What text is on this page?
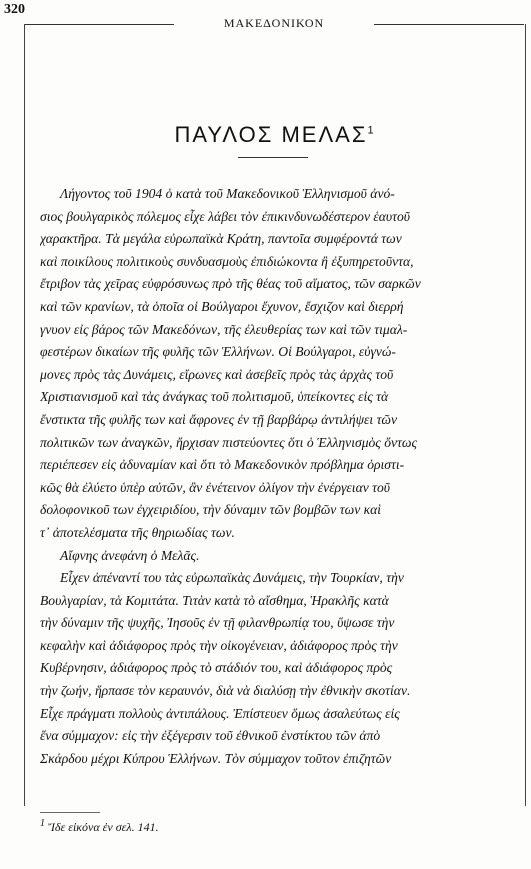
320
ΜΑΚΕΔΟΝΙΚΟΝ
ΠΑΥΛΟΣ ΜΕΛΑΣ$^1$
Λήγοντος τοῦ 1904 ὁ κατὰ τοῦ Μακεδονικοῦ Ἑλληνισμοῦ ἀνό-
σιος βουλγαρικὸς πόλεμος εἶχε λάβει τὸν ἐπικινδυνωδέστερον ἑαυτοῦ
χαρακτῆρα. Τὰ μεγάλα εὐρωπαϊκὰ Κράτη, παντοῖα συμφέροντά των
καὶ ποικίλους πολιτικοὺς συνδυασμοὺς ἐπιδιώκοντα ἢ ἐξυπηρετοῦντα,
ἔτριβον τὰς χεῖρας εὐφρόσυνως πρὸ τῆς θέας τοῦ αἵματος, τῶν σαρκῶν
καὶ τῶν κρανίων, τὰ ὁποῖα οἱ Βούλγαροι ἔχυνον, ἔσχιζον καὶ διερρή
γνυον εἰς βάρος τῶν Μακεδόνων, τῆς ἐλευθερίας των καὶ τῶν τιμαλ-
φεστέρων δικαίων τῆς φυλῆς τῶν Ἑλλήνων. Οἱ Βούλγαροι, εὐγνώ-
μονες πρὸς τὰς Δυνάμεις, εἴρωνες καὶ ἀσεβεῖς πρὸς τὰς ἀρχὰς τοῦ
Χριστιανισμοῦ καὶ τὰς ἀνάγκας τοῦ πολιτισμοῦ, ὑπείκοντες εἰς τὰ
ἔνστικτα τῆς φυλῆς των καὶ ἄφρονες ἐν τῇ βαρβάρῳ ἀντιλήψει τῶν
πολιτικῶν των ἀναγκῶν, ἤρχισαν πιστεύοντες ὅτι ὁ Ἑλληνισμὸς ὄντως
περιέπεσεν εἰς ἀδυναμίαν καὶ ὅτι τὸ Μακεδονικὸν πρόβλημα ὁριστι-
κῶς θὰ ἐλύετο ὑπὲρ αὐτῶν, ἂν ἐνέτεινον ὀλίγον τὴν ἐνέργειαν τοῦ
δολοφονικοῦ των ἐγχειριδίου, τὴν δύναμιν τῶν βομβῶν των καὶ
τ᾽ ἀποτελέσματα τῆς θηριωδίας των.
Αἴφνης ἀνεφάνη ὁ Μελᾶς.
Εἶχεν ἀπέναντί του τὰς εὐρωπαϊκὰς Δυνάμεις, τὴν Τουρκίαν, τὴν
Βουλγαρίαν, τὰ Κομιτάτα. Τιτὰν κατὰ τὸ αἴσθημα, Ἡρακλῆς κατὰ
τὴν δύναμιν τῆς ψυχῆς, Ἰησοῦς ἐν τῇ φιλανθρωπίᾳ του, ὕψωσε τὴν
κεφαλὴν καὶ ἀδιάφορος πρὸς τὴν οἰκογένειαν, ἀδιάφορος πρὸς τὴν
Κυβέρνησιν, ἀδιάφορος πρὸς τὸ στάδιόν του, καὶ ἀδιάφορος πρὸς
τὴν ζωήν, ἥρπασε τὸν κεραυνόν, διὰ νὰ διαλύσῃ τὴν ἐθνικὴν σκοτίαν.
Εἶχε πράγματι πολλοὺς ἀντιπάλους. Ἐπίστευεν ὅμως ἀσαλεύτως εἰς
ἕνα σύμμαχον: εἰς τὴν ἐξέγερσιν τοῦ ἐθνικοῦ ἐνστίκτου τῶν ἀπὸ
Σκάρδου μέχρι Κύπρου Ἑλλήνων. Τὸν σύμμαχον τοῦτον ἐπιζητῶν
$^1$ Ἴδε εἰκόνα ἐν σελ. 141.
